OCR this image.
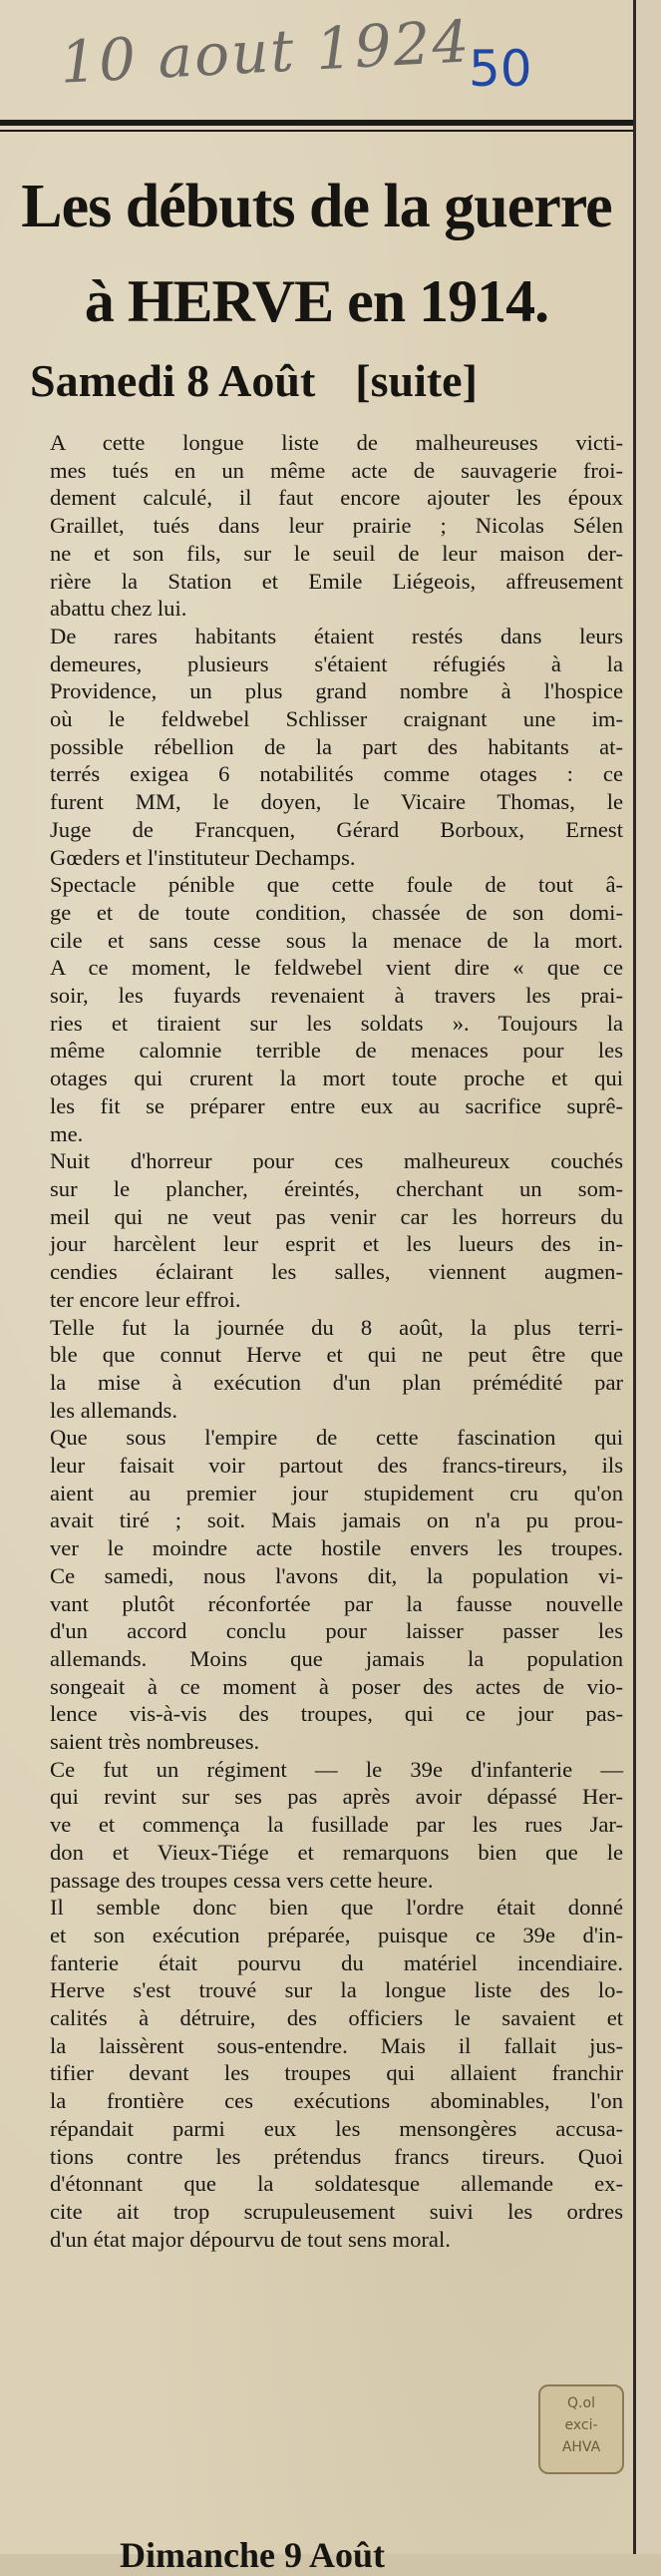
10 aout 1924
50
Les débuts de la guerre
à HERVE en 1914.
Samedi 8 Août [suite]
A cette longue liste de malheureuses victi-
mes tués en un même acte de sauvagerie froi-
dement calculé, il faut encore ajouter les époux
Graillet, tués dans leur prairie ; Nicolas Sélen
ne et son fils, sur le seuil de leur maison der-
rière la Station et Emile Liégeois, affreusement
abattu chez lui.
De rares habitants étaient restés dans leurs
demeures, plusieurs s'étaient réfugiés à la
Providence, un plus grand nombre à l'hospice
où le feldwebel Schlisser craignant une im-
possible rébellion de la part des habitants at-
terrés exigea 6 notabilités comme otages : ce
furent MM, le doyen, le Vicaire Thomas, le
Juge de Francquen, Gérard Borboux, Ernest
Gœders et l'instituteur Dechamps.
Spectacle pénible que cette foule de tout â-
ge et de toute condition, chassée de son domi-
cile et sans cesse sous la menace de la mort.
A ce moment, le feldwebel vient dire « que ce
soir, les fuyards revenaient à travers les prai-
ries et tiraient sur les soldats ». Toujours la
même calomnie terrible de menaces pour les
otages qui crurent la mort toute proche et qui
les fit se préparer entre eux au sacrifice suprê-
me.
Nuit d'horreur pour ces malheureux couchés
sur le plancher, éreintés, cherchant un som-
meil qui ne veut pas venir car les horreurs du
jour harcèlent leur esprit et les lueurs des in-
cendies éclairant les salles, viennent augmen-
ter encore leur effroi.
Telle fut la journée du 8 août, la plus terri-
ble que connut Herve et qui ne peut être que
la mise à exécution d'un plan prémédité par
les allemands.
Que sous l'empire de cette fascination qui
leur faisait voir partout des francs-tireurs, ils
aient au premier jour stupidement cru qu'on
avait tiré ; soit. Mais jamais on n'a pu prou-
ver le moindre acte hostile envers les troupes.
Ce samedi, nous l'avons dit, la population vi-
vant plutôt réconfortée par la fausse nouvelle
d'un accord conclu pour laisser passer les
allemands. Moins que jamais la population
songeait à ce moment à poser des actes de vio-
lence vis-à-vis des troupes, qui ce jour pas-
saient très nombreuses.
Ce fut un régiment — le 39e d'infanterie —
qui revint sur ses pas après avoir dépassé Her-
ve et commença la fusillade par les rues Jar-
don et Vieux-Tiége et remarquons bien que le
passage des troupes cessa vers cette heure.
Il semble donc bien que l'ordre était donné
et son exécution préparée, puisque ce 39e d'in-
fanterie était pourvu du matériel incendiaire.
Herve s'est trouvé sur la longue liste des lo-
calités à détruire, des officiers le savaient et
la laissèrent sous-entendre. Mais il fallait jus-
tifier devant les troupes qui allaient franchir
la frontière ces exécutions abominables, l'on
répandait parmi eux les mensongères accusa-
tions contre les prétendus francs tireurs. Quoi
d'étonnant que la soldatesque allemande ex-
cite ait trop scrupuleusement suivi les ordres
d'un état major dépourvu de tout sens moral.
Q.ol
exci-
AHVA
Dimanche 9 Août
